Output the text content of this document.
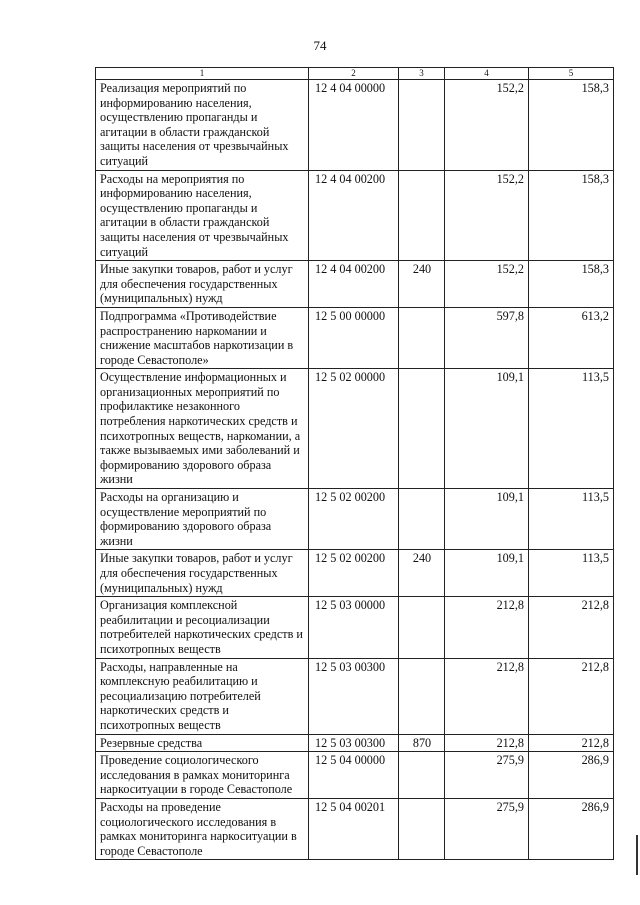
74
1	2	3	4	5
Реализация мероприятий по информированию населения, осуществлению пропаганды и агитации в области гражданской защиты населения от чрезвычайных ситуаций	12 4 04 00000		152,2	158,3
Расходы на мероприятия по информированию населения, осуществлению пропаганды и агитации в области гражданской защиты населения от чрезвычайных ситуаций	12 4 04 00200		152,2	158,3
Иные закупки товаров, работ и услуг для обеспечения государственных (муниципальных) нужд	12 4 04 00200	240	152,2	158,3
Подпрограмма «Противодействие распространению наркомании и снижение масштабов наркотизации в городе Севастополе»	12 5 00 00000		597,8	613,2
Осуществление информационных и организационных мероприятий по профилактике незаконного потребления наркотических средств и психотропных веществ, наркомании, а также вызываемых ими заболеваний и формированию здорового образа жизни	12 5 02 00000		109,1	113,5
Расходы на организацию и осуществление мероприятий по формированию здорового образа жизни	12 5 02 00200		109,1	113,5
Иные закупки товаров, работ и услуг для обеспечения государственных (муниципальных) нужд	12 5 02 00200	240	109,1	113,5
Организация комплексной реабилитации и ресоциализации потребителей наркотических средств и психотропных веществ	12 5 03 00000		212,8	212,8
Расходы, направленные на комплексную реабилитацию и ресоциализацию потребителей наркотических средств и психотропных веществ	12 5 03 00300		212,8	212,8
Резервные средства	12 5 03 00300	870	212,8	212,8
Проведение социологического исследования в рамках мониторинга наркоситуации в городе Севастополе	12 5 04 00000		275,9	286,9
Расходы на проведение социологического исследования в рамках мониторинга наркоситуации в городе Севастополе	12 5 04 00201		275,9	286,9
